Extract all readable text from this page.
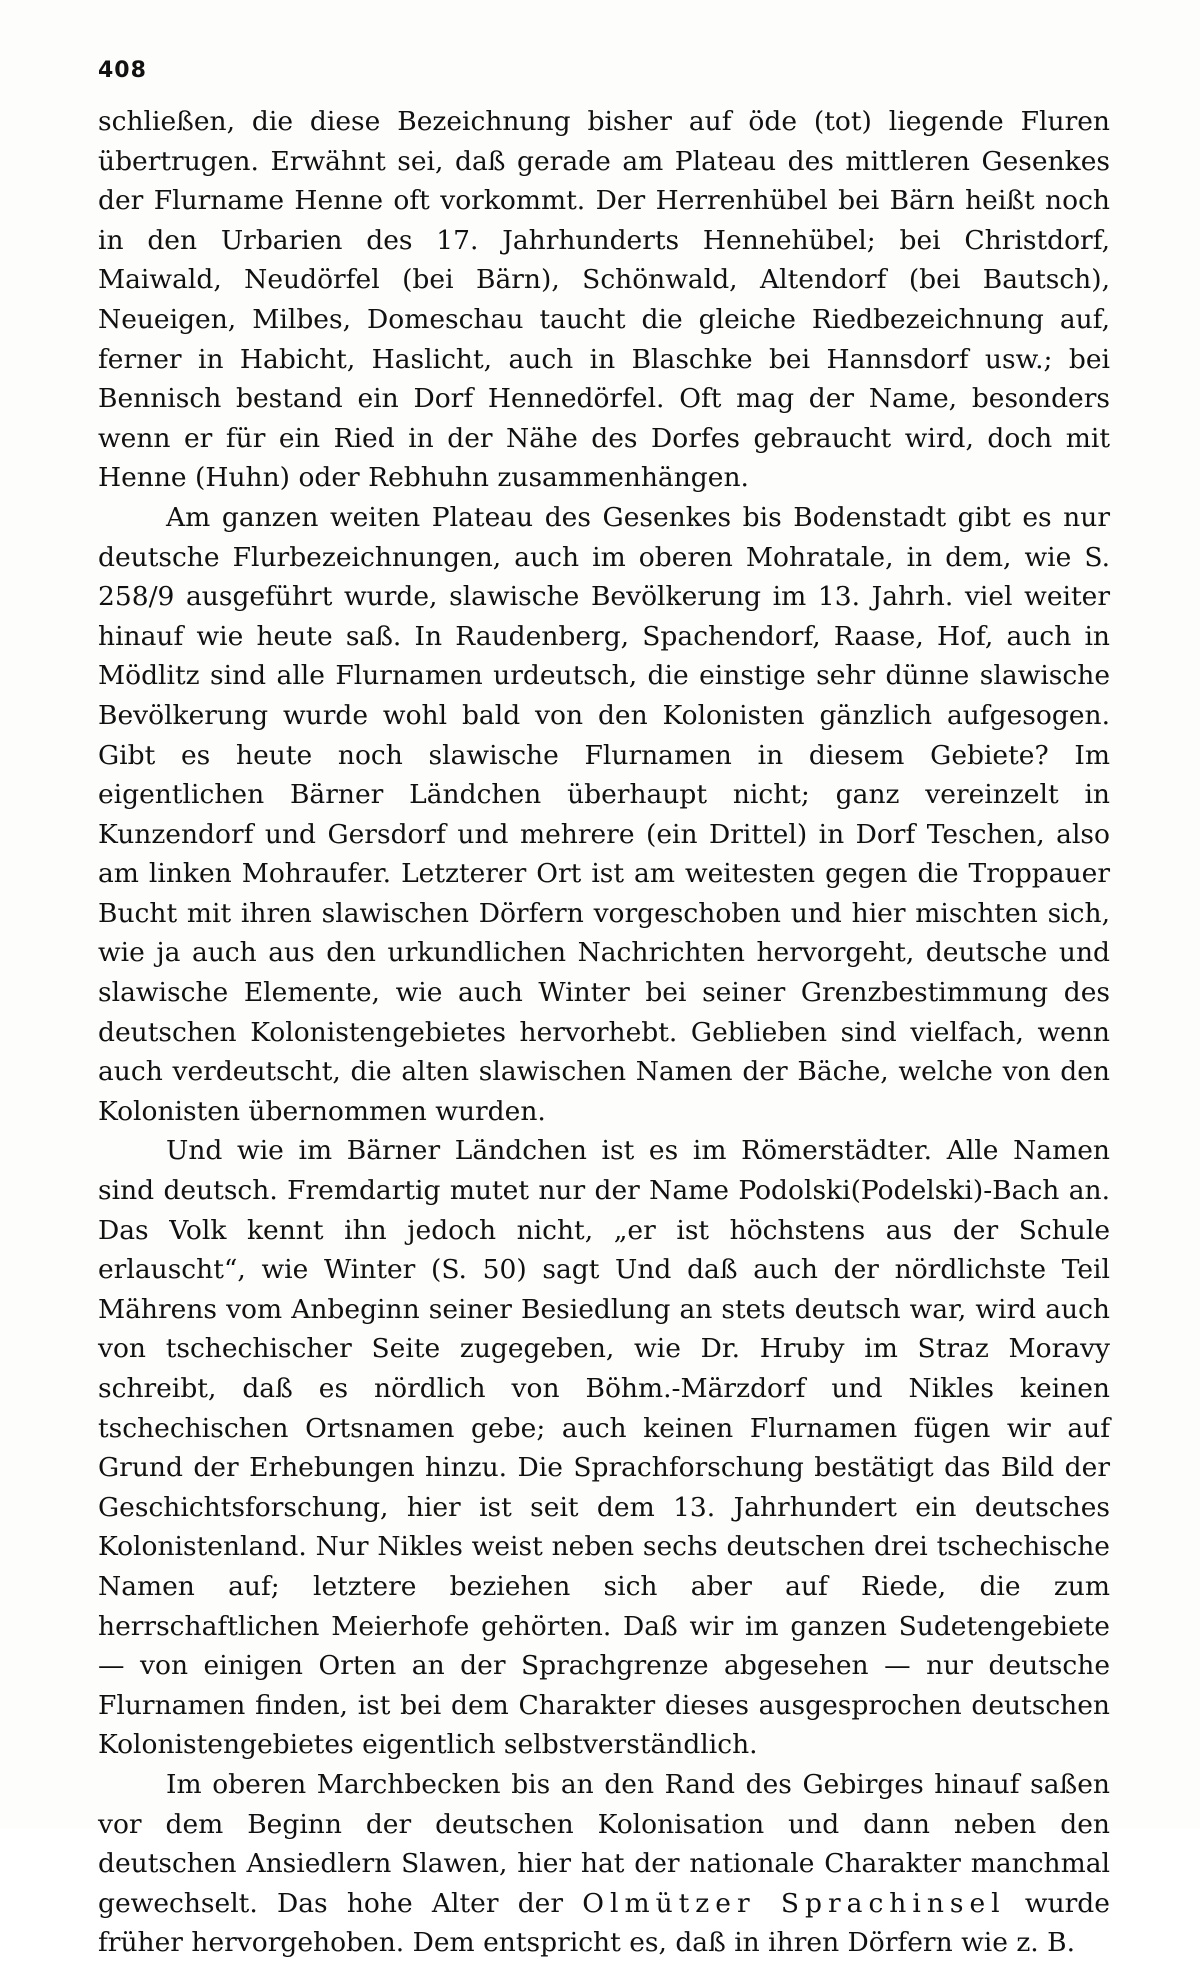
408

schließen, die diese Bezeichnung bisher auf öde (tot) liegende Fluren übertrugen. Erwähnt sei, daß gerade am Plateau des mittleren Gesenkes der Flurname Henne oft vorkommt. Der Herrenhübel bei Bärn heißt noch in den Urbarien des 17. Jahrhunderts Hennehübel; bei Christdorf, Maiwald, Neudörfel (bei Bärn), Schönwald, Altendorf (bei Bautsch), Neueigen, Milbes, Domeschau taucht die gleiche Riedbezeichnung auf, ferner in Habicht, Haslicht, auch in Blaschke bei Hannsdorf usw.; bei Bennisch bestand ein Dorf Hennedörfel. Oft mag der Name, besonders wenn er für ein Ried in der Nähe des Dorfes gebraucht wird, doch mit Henne (Huhn) oder Rebhuhn zusammenhängen.

Am ganzen weiten Plateau des Gesenkes bis Bodenstadt gibt es nur deutsche Flurbezeichnungen, auch im oberen Mohratale, in dem, wie S. 258/9 ausgeführt wurde, slawische Bevölkerung im 13. Jahrh. viel weiter hinauf wie heute saß. In Raudenberg, Spachendorf, Raase, Hof, auch in Mödlitz sind alle Flurnamen urdeutsch, die einstige sehr dünne slawische Bevölkerung wurde wohl bald von den Kolonisten gänzlich aufgesogen. Gibt es heute noch slawische Flurnamen in diesem Gebiete? Im eigentlichen Bärner Ländchen überhaupt nicht; ganz vereinzelt in Kunzendorf und Gersdorf und mehrere (ein Drittel) in Dorf Teschen, also am linken Mohraufer. Letzterer Ort ist am weitesten gegen die Troppauer Bucht mit ihren slawischen Dörfern vorgeschoben und hier mischten sich, wie ja auch aus den urkundlichen Nachrichten hervorgeht, deutsche und slawische Elemente, wie auch Winter bei seiner Grenzbestimmung des deutschen Kolonistengebietes hervorhebt. Geblieben sind vielfach, wenn auch verdeutscht, die alten slawischen Namen der Bäche, welche von den Kolonisten übernommen wurden.

Und wie im Bärner Ländchen ist es im Römerstädter. Alle Namen sind deutsch. Fremdartig mutet nur der Name Podolski(Podelski)-Bach an. Das Volk kennt ihn jedoch nicht, „er ist höchstens aus der Schule erlauscht“, wie Winter (S. 50) sagt Und daß auch der nördlichste Teil Mährens vom Anbeginn seiner Besiedlung an stets deutsch war, wird auch von tschechischer Seite zugegeben, wie Dr. Hruby im Straz Moravy schreibt, daß es nördlich von Böhm.-Märzdorf und Nikles keinen tschechischen Ortsnamen gebe; auch keinen Flurnamen fügen wir auf Grund der Erhebungen hinzu. Die Sprachforschung bestätigt das Bild der Geschichtsforschung, hier ist seit dem 13. Jahrhundert ein deutsches Kolonistenland. Nur Nikles weist neben sechs deutschen drei tschechische Namen auf; letztere beziehen sich aber auf Riede, die zum herrschaftlichen Meierhofe gehörten. Daß wir im ganzen Sudetengebiete — von einigen Orten an der Sprachgrenze abgesehen — nur deutsche Flurnamen finden, ist bei dem Charakter dieses ausgesprochen deutschen Kolonistengebietes eigentlich selbstverständlich.

Im oberen Marchbecken bis an den Rand des Gebirges hinauf saßen vor dem Beginn der deutschen Kolonisation und dann neben den deutschen Ansiedlern Slawen, hier hat der nationale Charakter manchmal gewechselt. Das hohe Alter der Olmützer Sprachinsel wurde früher hervorgehoben. Dem entspricht es, daß in ihren Dörfern wie z. B.
